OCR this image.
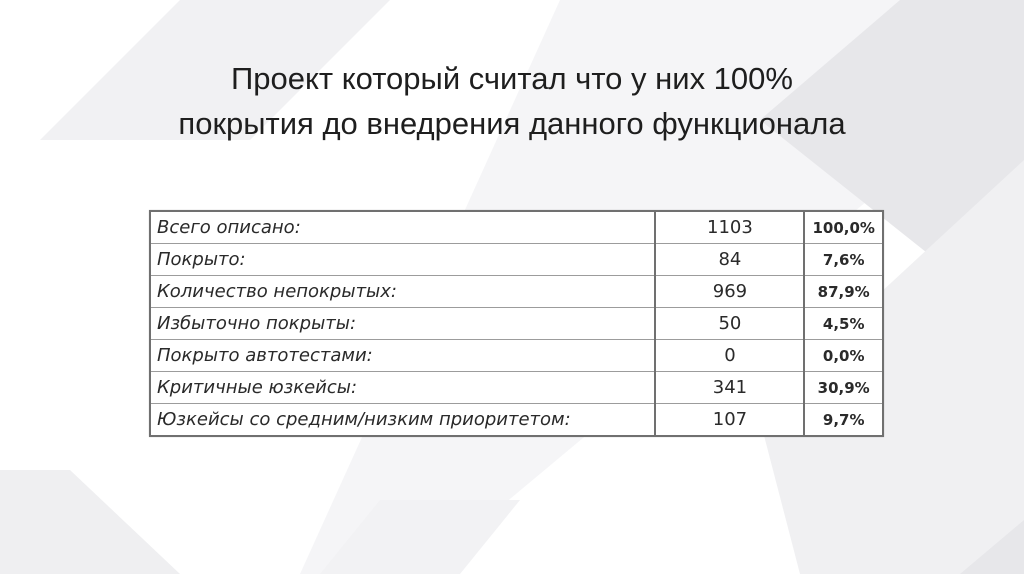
Проект который считал что у них 100%
покрытия до внедрения данного функционала
Всего описано:	1103	100,0%
Покрыто:	84	7,6%
Количество непокрытых:	969	87,9%
Избыточно покрыты:	50	4,5%
Покрыто автотестами:	0	0,0%
Критичные юзкейсы:	341	30,9%
Юзкейсы со средним/низким приоритетом:	107	9,7%
